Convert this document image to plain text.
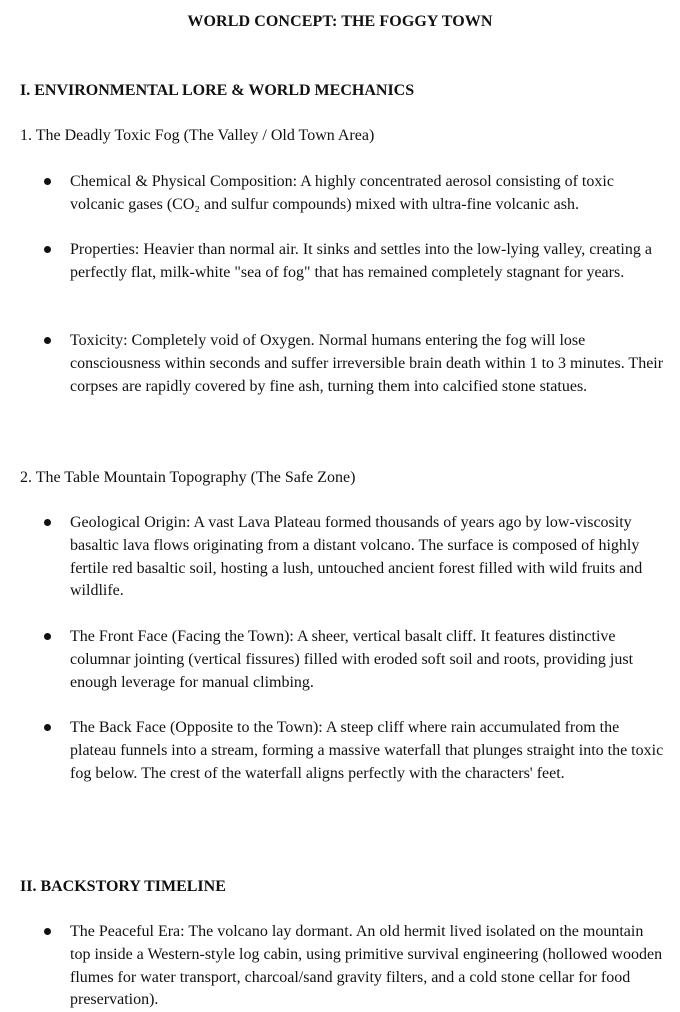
WORLD CONCEPT: THE FOGGY TOWN
I. ENVIRONMENTAL LORE & WORLD MECHANICS
1. The Deadly Toxic Fog (The Valley / Old Town Area)
Chemical & Physical Composition: A highly concentrated aerosol consisting of toxic volcanic gases (CO₂ and sulfur compounds) mixed with ultra-fine volcanic ash.
Properties: Heavier than normal air. It sinks and settles into the low-lying valley, creating a perfectly flat, milk-white "sea of fog" that has remained completely stagnant for years.
Toxicity: Completely void of Oxygen. Normal humans entering the fog will lose consciousness within seconds and suffer irreversible brain death within 1 to 3 minutes. Their corpses are rapidly covered by fine ash, turning them into calcified stone statues.
2. The Table Mountain Topography (The Safe Zone)
Geological Origin: A vast Lava Plateau formed thousands of years ago by low-viscosity basaltic lava flows originating from a distant volcano. The surface is composed of highly fertile red basaltic soil, hosting a lush, untouched ancient forest filled with wild fruits and wildlife.
The Front Face (Facing the Town): A sheer, vertical basalt cliff. It features distinctive columnar jointing (vertical fissures) filled with eroded soft soil and roots, providing just enough leverage for manual climbing.
The Back Face (Opposite to the Town): A steep cliff where rain accumulated from the plateau funnels into a stream, forming a massive waterfall that plunges straight into the toxic fog below. The crest of the waterfall aligns perfectly with the characters' feet.
II. BACKSTORY TIMELINE
The Peaceful Era: The volcano lay dormant. An old hermit lived isolated on the mountain top inside a Western-style log cabin, using primitive survival engineering (hollowed wooden flumes for water transport, charcoal/sand gravity filters, and a cold stone cellar for food preservation).
